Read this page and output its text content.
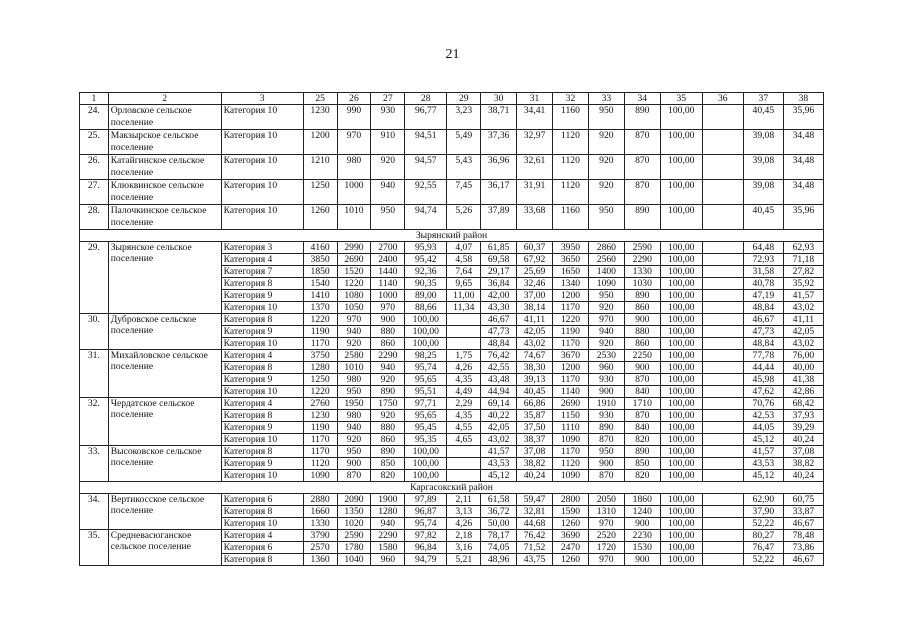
21
1	2	3	25	26	27	28	29	30	31	32	33	34	35	36	37	38
24.	Орловское сельское поселение	Категория 10	1230	990	930	96,77	3,23	38,71	34,41	1160	950	890	100,00		40,45	35,96
25.	Макзырское сельское поселение	Категория 10	1200	970	910	94,51	5,49	37,36	32,97	1120	920	870	100,00		39,08	34,48
26.	Катайгинское сельское поселение	Категория 10	1210	980	920	94,57	5,43	36,96	32,61	1120	920	870	100,00		39,08	34,48
27.	Клюквинское сельское поселение	Категория 10	1250	1000	940	92,55	7,45	36,17	31,91	1120	920	870	100,00		39,08	34,48
28.	Палочкинское сельское поселение	Категория 10	1260	1010	950	94,74	5,26	37,89	33,68	1160	950	890	100,00		40,45	35,96
Зырянский район																
29.	Зырянское сельское поселение	Категория 3	4160	2990	2700	95,93	4,07	61,85	60,37	3950	2860	2590	100,00		64,48	62,93
		Категория 4	3850	2690	2400	95,42	4,58	69,58	67,92	3650	2560	2290	100,00		72,93	71,18
		Категория 7	1850	1520	1440	92,36	7,64	29,17	25,69	1650	1400	1330	100,00		31,58	27,82
		Категория 8	1540	1220	1140	90,35	9,65	36,84	32,46	1340	1090	1030	100,00		40,78	35,92
		Категория 9	1410	1080	1000	89,00	11,00	42,00	37,00	1200	950	890	100,00		47,19	41,57
		Категория 10	1370	1050	970	88,66	11,34	43,30	38,14	1170	920	860	100,00		48,84	43,02
30.	Дубровское сельское поселение	Категория 8	1220	970	900	100,00		46,67	41,11	1220	970	900	100,00		46,67	41,11
		Категория 9	1190	940	880	100,00		47,73	42,05	1190	940	880	100,00		47,73	42,05
		Категория 10	1170	920	860	100,00		48,84	43,02	1170	920	860	100,00		48,84	43,02
31.	Михайловское сельское поселение	Категория 4	3750	2580	2290	98,25	1,75	76,42	74,67	3670	2530	2250	100,00		77,78	76,00
		Категория 8	1280	1010	940	95,74	4,26	42,55	38,30	1200	960	900	100,00		44,44	40,00
		Категория 9	1250	980	920	95,65	4,35	43,48	39,13	1170	930	870	100,00		45,98	41,38
		Категория 10	1220	950	890	95,51	4,49	44,94	40,45	1140	900	840	100,00		47,62	42,86
32.	Чердатское сельское поселение	Категория 4	2760	1950	1750	97,71	2,29	69,14	66,86	2690	1910	1710	100,00		70,76	68,42
		Категория 8	1230	980	920	95,65	4,35	40,22	35,87	1150	930	870	100,00		42,53	37,93
		Категория 9	1190	940	880	95,45	4,55	42,05	37,50	1110	890	840	100,00		44,05	39,29
		Категория 10	1170	920	860	95,35	4,65	43,02	38,37	1090	870	820	100,00		45,12	40,24
33.	Высоковское сельское поселение	Категория 8	1170	950	890	100,00		41,57	37,08	1170	950	890	100,00		41,57	37,08
		Категория 9	1120	900	850	100,00		43,53	38,82	1120	900	850	100,00		43,53	38,82
		Категория 10	1090	870	820	100,00		45,12	40,24	1090	870	820	100,00		45,12	40,24
Каргасокский район																
34.	Вертикосское сельское поселение	Категория 6	2880	2090	1900	97,89	2,11	61,58	59,47	2800	2050	1860	100,00		62,90	60,75
		Категория 8	1660	1350	1280	96,87	3,13	36,72	32,81	1590	1310	1240	100,00		37,90	33,87
		Категория 10	1330	1020	940	95,74	4,26	50,00	44,68	1260	970	900	100,00		52,22	46,67
35.	Средневасюганское сельское поселение	Категория 4	3790	2590	2290	97,82	2,18	78,17	76,42	3690	2520	2230	100,00		80,27	78,48
		Категория 6	2570	1780	1580	96,84	3,16	74,05	71,52	2470	1720	1530	100,00		76,47	73,86
		Категория 8	1360	1040	960	94,79	5,21	48,96	43,75	1260	970	900	100,00		52,22	46,67
